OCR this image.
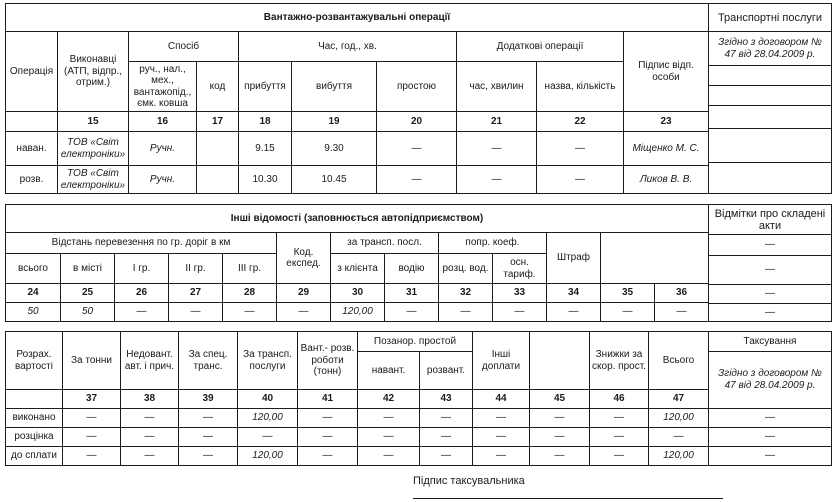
Вантажно-розвантажувальні операції									
Операція	Виконавці (АТП, відпр., отрим.)	Спосіб		Час, год., хв.			Додаткові операції		Підпис відп. особи
		руч., нал., мех., вантажопід., ємк. ковша	код	прибуття	вибуття	простою	час, хвилин	назва, кількість	
	15	16	17	18	19	20	21	22	23
наван.	ТОВ «Світ електроніки»	Ручн.		9.15	9.30	—	—	—	Міщенко М. С.
розв.	ТОВ «Світ електроніки»	Ручн.		10.30	10.45	—	—	—	Ликов В. В.
Транспортні послуги
Згідно з договором № 47 від 28.04.2009 р.
Інші відомості (заповнюється автопідприємством)												
Відстань перевезення по гр. доріг в км					Код. експед.	за трансп. посл.		попр. коеф.		Штраф		
всього	в місті	І гр.	ІІ гр.	ІІІ гр.		з клієнта	водію	розц. вод.	осн. тариф.			
24	25	26	27	28	29	30	31	32	33	34	35	36
50	50	—	—	—	—	120,00	—	—	—	—	—	—
Відмітки про складені акти
—
—
—
—
Розрах. вартості	За тонни	Недовант. авт. і прич.	За спец. транс.	За трансп. послуги	Вант.- розв. роботи (тонн)	Позанор. простой		Інші доплати		Знижки за скор. прост.	Всього
						навант.	розвант.				
	37	38	39	40	41	42	43	44	45	46	47
виконано	—	—	—	120,00	—	—	—	—	—	—	120,00
розцінка	—	—	—	—	—	—	—	—	—	—	—
до сплати	—	—	—	120,00	—	—	—	—	—	—	120,00
Таксування
Згідно з договором № 47 від 28.04.2009 р.
—
—
—
Підпис таксувальника
